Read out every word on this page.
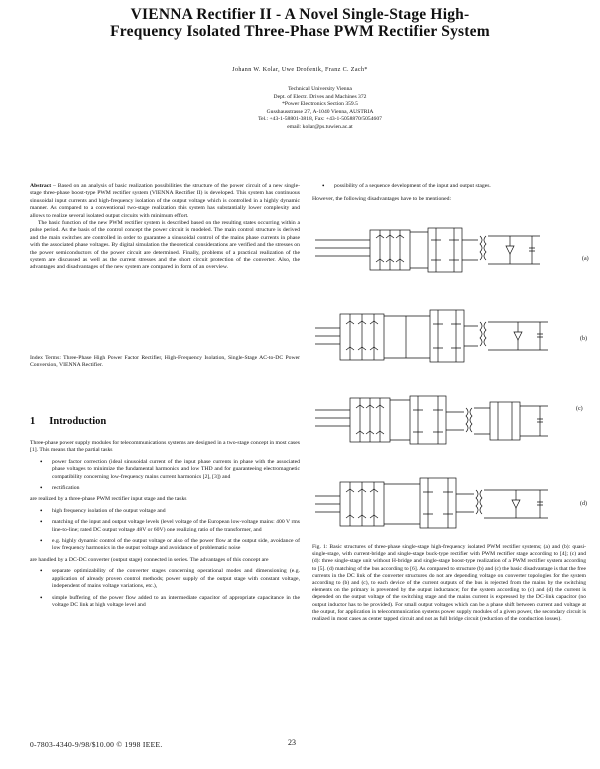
VIENNA Rectifier II - A Novel Single-Stage High-
Frequency Isolated Three-Phase PWM Rectifier System
Johann W. Kolar, Uwe Drofenik, Franz C. Zach*
Technical University Vienna
Dept. of Electr. Drives and Machines 372
*Power Electronics Section 359.5
Gusshausstrasse 27, A-1040 Vienna, AUSTRIA
Tel.: +43-1-58801-3818, Fax: +43-1-5058870/5054607
email: kolar@ps.tuwien.ac.at

Abstract – Based on an analysis of basic realization possibilities the structure of the power circuit of a new single-stage three-phase boost-type PWM rectifier system (VIENNA Rectifier II) is developed. This system has continuous sinusoidal input currents and high-frequency isolation of the output voltage which is controlled in a highly dynamic manner. As compared to a conventional two-stage realization this system has substantially lower complexity and allows to realize several isolated output circuits with minimum effort.

The basic function of the new PWM rectifier system is described based on the resulting states occurring within a pulse period. As the basis of the control concept the power circuit is modeled. The main control structure is derived and the main switches are controlled in order to guarantee a sinusoidal control of the mains phase currents in phase with the associated phase voltages. By digital simulation the theoretical considerations are verified and the stresses on the power semiconductors of the power circuit are determined. Finally, problems of a practical realization of the system are discussed as well as the current stresses and the short circuit protection of the converter. Also, the advantages and disadvantages of the new system are compared in form of an overview.

Index Terms: Three-Phase High Power Factor Rectifier, High-Frequency Isolation, Single-Stage AC-to-DC Power Conversion, VIENNA Rectifier.
1 Introduction

Three-phase power supply modules for telecommunications systems are designed in a two-stage concept in most cases [1]. This means that the partial tasks

• power factor correction (ideal sinusoidal current of the input phase currents in phase with the associated phase voltages to minimize the fundamental harmonics and low THD and for guaranteeing electromagnetic compatibility concerning low-frequency mains current harmonics [2], [3]) and
• rectification

are realized by a three-phase PWM rectifier input stage and the tasks

• high frequency isolation of the output voltage and
• matching of the input and output voltage levels (level voltage of the European low-voltage mains: 400 V rms line-to-line; rated DC output voltage 48V or 60V) one realizing ratio of the transformer, and
• e.g. highly dynamic control of the output voltage or also of the power flow at the output side, avoidance of low frequency harmonics in the output voltage and avoidance of problematic noise

are handled by a DC-DC converter (output stage) connected in series. The advantages of this concept are

• separate optimizability of the converter stages concerning operational modes and dimensioning (e.g. application of already proven control methods; power supply of the output stage with constant voltage, independent of mains voltage variations, etc.),
• simple buffering of the power flow added to an intermediate capacitor of appropriate capacitance in the voltage DC link at high voltage level and
• possibility of a sequence development of the input and output stages.

However, the following disadvantages have to be mentioned:

(a)
(b)
(c)
(d)
Fig. 1: Basic structures of three-phase single-stage high-frequency isolated PWM rectifier systems; (a) and (b): quasi-single-stage, with current-bridge and single-stage buck-type rectifier with PWM rectifier stage according to [4]; (c) and (d): three single-stage unit without H-bridge and single-stage boost-type realization of a PWM rectifier system according to [5]. (d) matching of the bus according to [6]. As compared to structure (b) and (c) the basic disadvantage is that the free currents in the DC link of the converter structures do not are depending voltage on converter topologies for the system according to (b) and (c), to each device of the current outputs of the bus is rejected from the mains by the switching elements on the primary is prevented by the output inductance; for the system according to (c) and (d) the current is depended on the output voltage of the switching stage and the mains current is expressed by the DC-link capacitor (no output inductor has to be provided). For small output voltages which can be a phase shift between current and voltage at the output, for application in telecommunication systems power supply modules of a given power, the secondary circuit is realized in most cases as center tapped circuit and not as full bridge circuit (reduction of the conduction losses).
0-7803-4340-9/98/$10.00 © 1998 IEEE.	23
